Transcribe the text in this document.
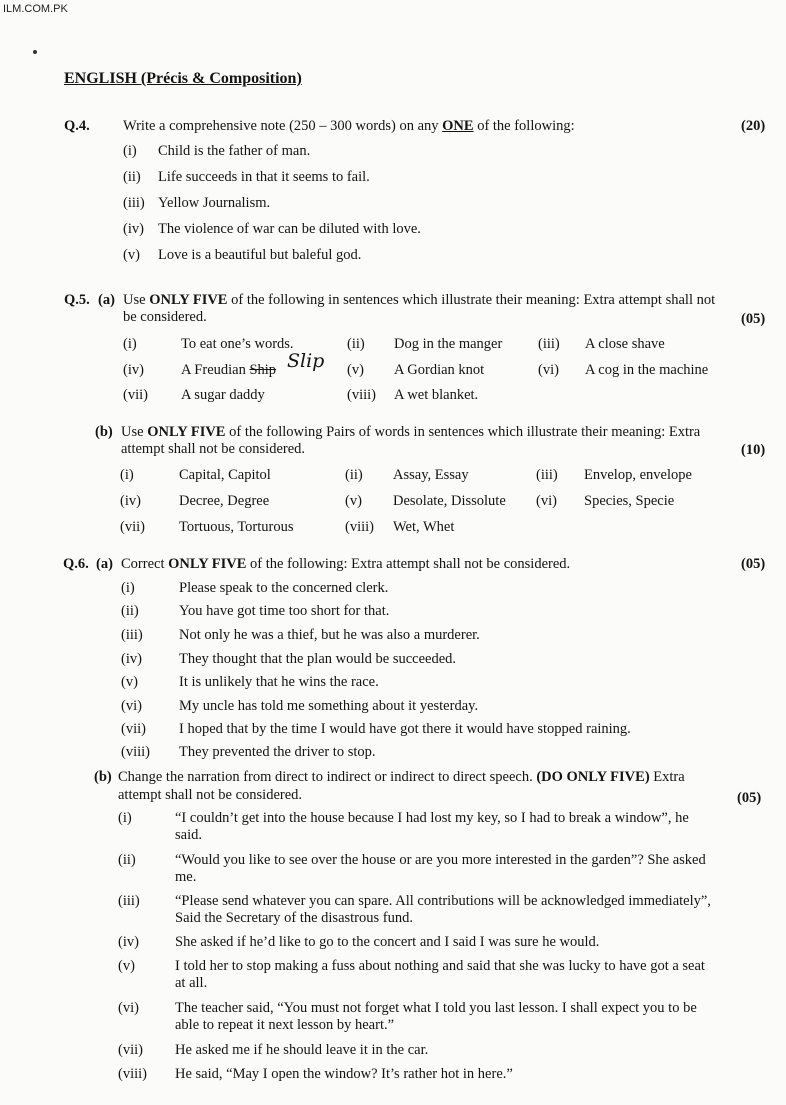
ILM.COM.PK
ENGLISH (Précis & Composition)
Q.4. Write a comprehensive note (250 – 300 words) on any ONE of the following:	(20)
(i) Child is the father of man.
(ii) Life succeeds in that it seems to fail.
(iii) Yellow Journalism.
(iv) The violence of war can be diluted with love.
(v) Love is a beautiful but baleful god.
Q.5. (a) Use ONLY FIVE of the following in sentences which illustrate their meaning: Extra attempt shall not
be considered.	(05)
(i)	To eat one’s words.	(ii) Dog in the manger (iii) A close shave
(iv)	A Freudian Ship Slip (v) A Gordian knot	(vi) A cog in the machine
(vii) A sugar daddy	(viii) A wet blanket.
(b) Use ONLY FIVE of the following Pairs of words in sentences which illustrate their meaning: Extra
attempt shall not be considered.	(10)
(i)	Capital, Capitol	(ii) Assay, Essay	(iii) Envelop, envelope
(iv)	Decree, Degree	(v) Desolate, Dissolute (vi) Species, Specie
(vii) Tortuous, Torturous	(viii) Wet, Whet
Q.6. (a) Correct ONLY FIVE of the following: Extra attempt shall not be considered.	(05)
(i)	Please speak to the concerned clerk.
(ii)	You have got time too short for that.
(iii)	Not only he was a thief, but he was also a murderer.
(iv)	They thought that the plan would be succeeded.
(v)	It is unlikely that he wins the race.
(vi)	My uncle has told me something about it yesterday.
(vii) I hoped that by the time I would have got there it would have stopped raining.
(viii) They prevented the driver to stop.
(b) Change the narration from direct to indirect or indirect to direct speech. (DO ONLY FIVE) Extra
attempt shall not be considered.	(05)
(i)	“I couldn’t get into the house because I had lost my key, so I had to break a window”, he
said.
(ii)	“Would you like to see over the house or are you more interested in the garden”? She asked
me.
(iii) “Please send whatever you can spare. All contributions will be acknowledged immediately”,
Said the Secretary of the disastrous fund.
(iv) She asked if he’d like to go to the concert and I said I was sure he would.
(v)	I told her to stop making a fuss about nothing and said that she was lucky to have got a seat
at all.
(vi) The teacher said, “You must not forget what I told you last lesson. I shall expect you to be
able to repeat it next lesson by heart.”
(vii) He asked me if he should leave it in the car.
(viii) He said, “May I open the window? It’s rather hot in here.”
